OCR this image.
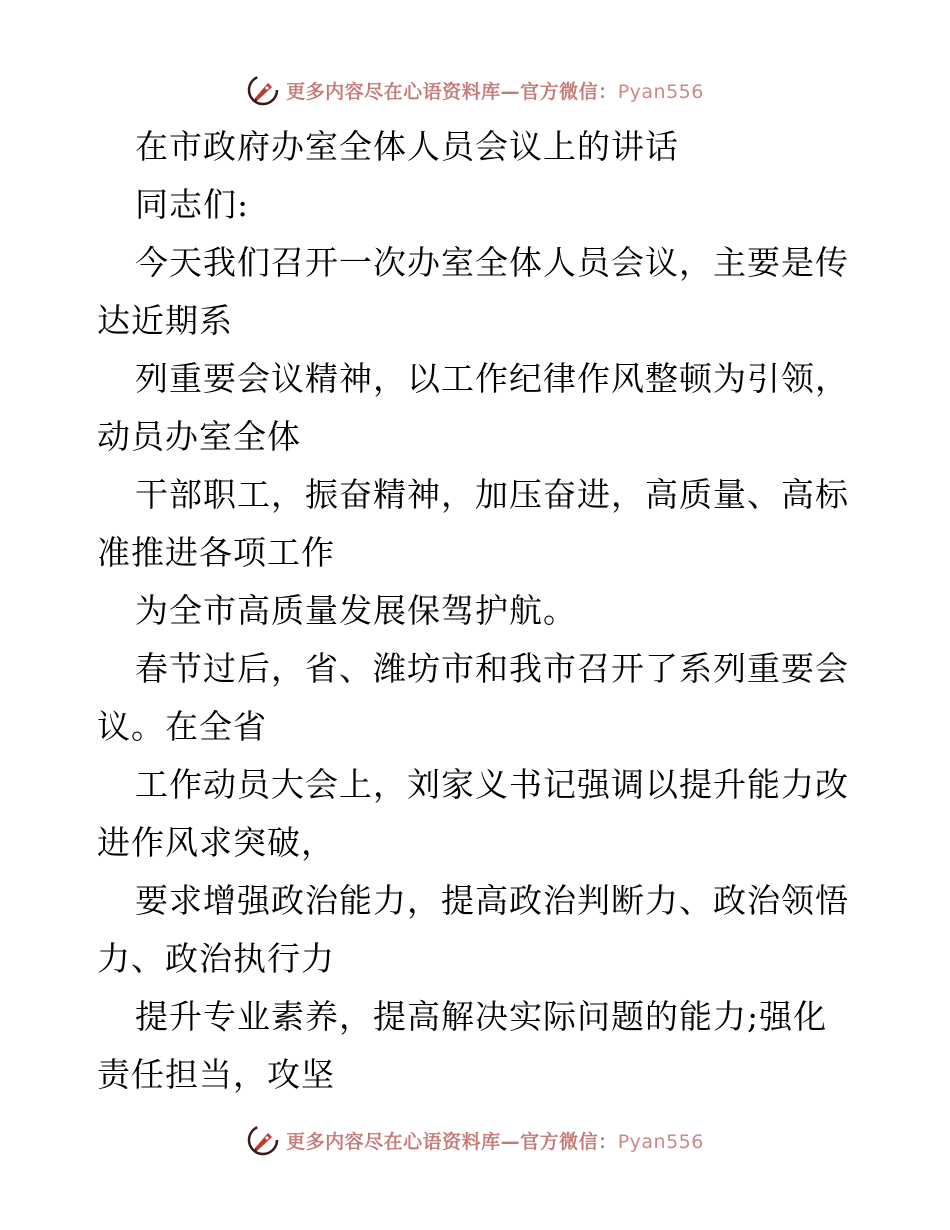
更多内容尽在心语资料库—官方微信：Pyan556
在市政府办室全体人员会议上的讲话
同志们:
今天我们召开一次办室全体人员会议，主要是传
达近期系
列重要会议精神，以工作纪律作风整顿为引领，
动员办室全体
干部职工，振奋精神，加压奋进，高质量、高标
准推进各项工作
为全市高质量发展保驾护航。
春节过后，省、潍坊市和我市召开了系列重要会
议。在全省
工作动员大会上，刘家义书记强调以提升能力改
进作风求突破，
要求增强政治能力，提高政治判断力、政治领悟
力、政治执行力
提升专业素养，提高解决实际问题的能力;强化
责任担当，攻坚
更多内容尽在心语资料库—官方微信：Pyan556
